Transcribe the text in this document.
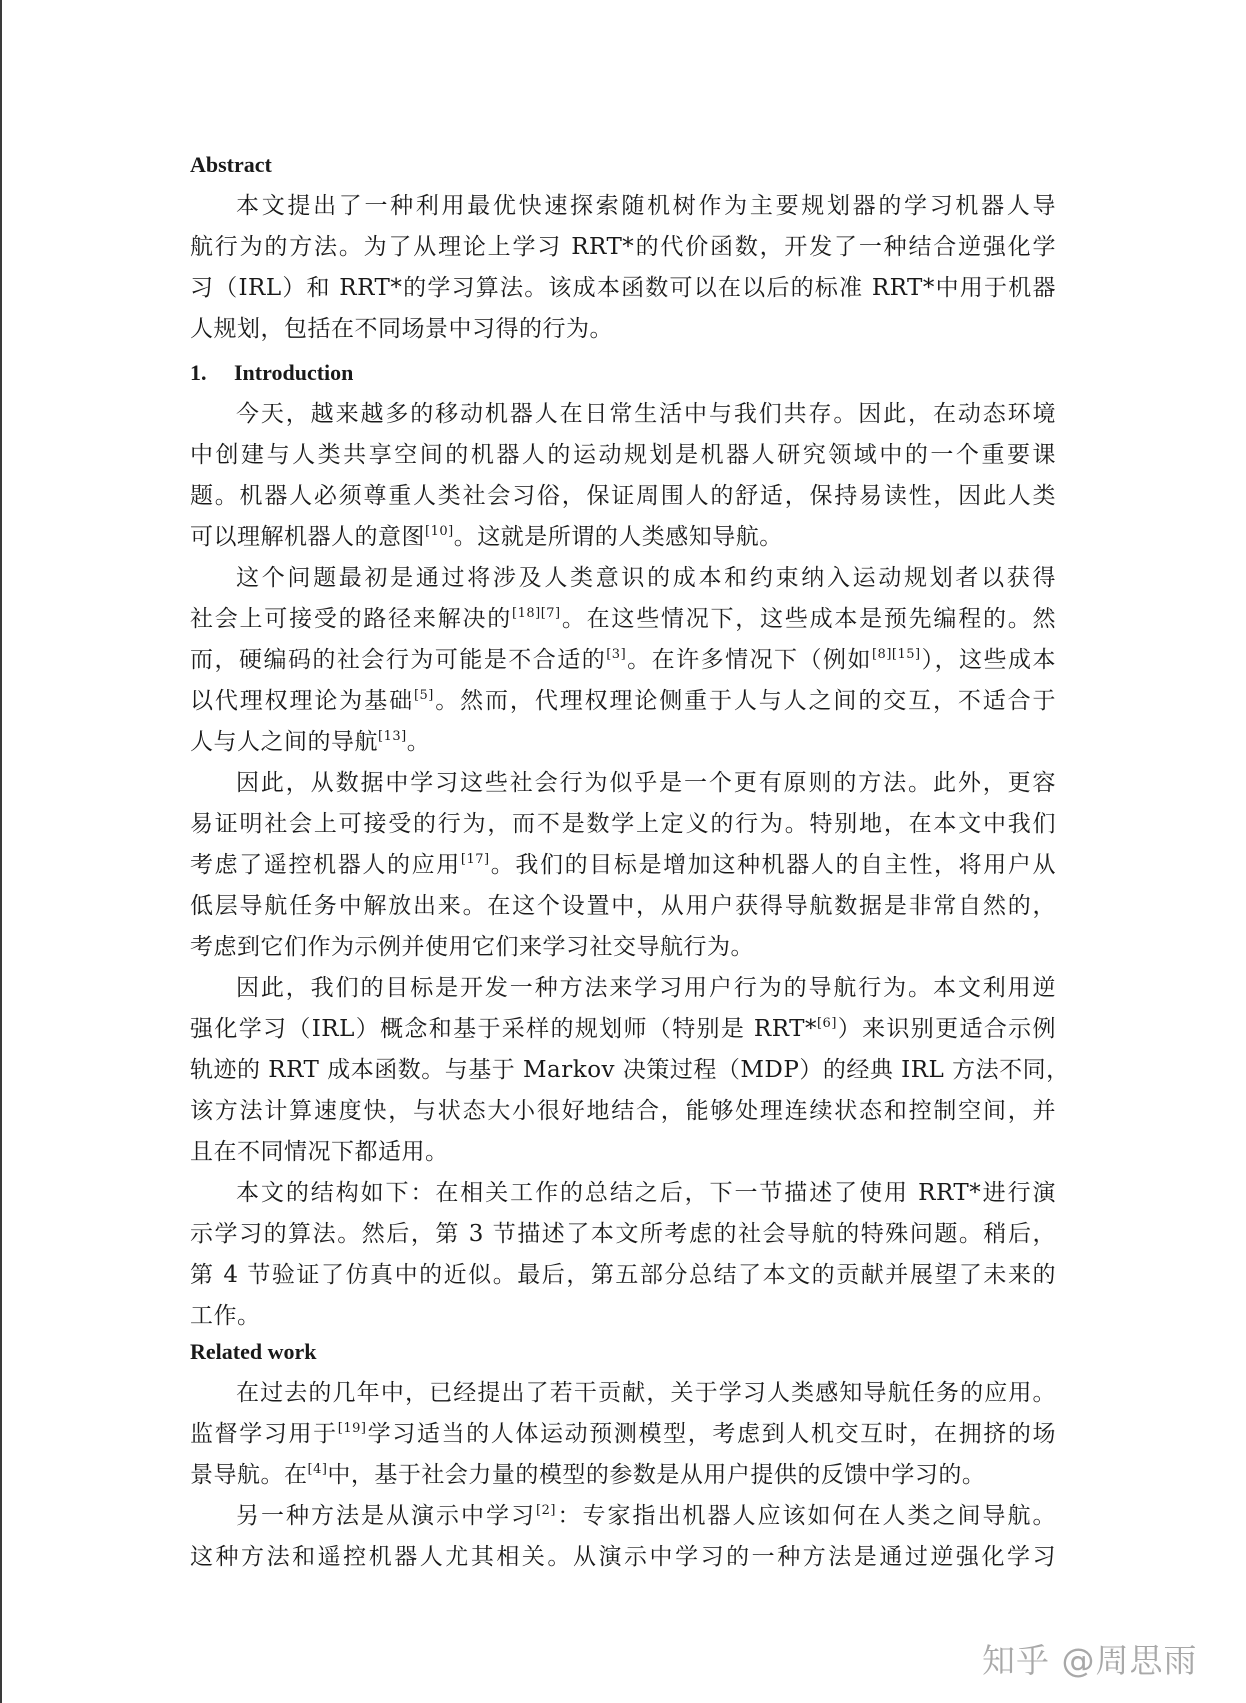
Abstract

本文提出了一种利用最优快速探索随机树作为主要规划器的学习机器人导
航行为的方法。为了从理论上学习 RRT*的代价函数，开发了一种结合逆强化学
习（IRL）和 RRT*的学习算法。该成本函数可以在以后的标准 RRT*中用于机器
人规划，包括在不同场景中习得的行为。

1. Introduction

今天，越来越多的移动机器人在日常生活中与我们共存。因此，在动态环境
中创建与人类共享空间的机器人的运动规划是机器人研究领域中的一个重要课
题。机器人必须尊重人类社会习俗，保证周围人的舒适，保持易读性，因此人类
可以理解机器人的意图[10]。这就是所谓的人类感知导航。

这个问题最初是通过将涉及人类意识的成本和约束纳入运动规划者以获得
社会上可接受的路径来解决的[18][7]。在这些情况下，这些成本是预先编程的。然
而，硬编码的社会行为可能是不合适的[3]。在许多情况下（例如[8][15]），这些成本
以代理权理论为基础[5]。然而，代理权理论侧重于人与人之间的交互，不适合于
人与人之间的导航[13]。

因此，从数据中学习这些社会行为似乎是一个更有原则的方法。此外，更容
易证明社会上可接受的行为，而不是数学上定义的行为。特别地，在本文中我们
考虑了遥控机器人的应用[17]。我们的目标是增加这种机器人的自主性，将用户从
低层导航任务中解放出来。在这个设置中，从用户获得导航数据是非常自然的，
考虑到它们作为示例并使用它们来学习社交导航行为。

因此，我们的目标是开发一种方法来学习用户行为的导航行为。本文利用逆
强化学习（IRL）概念和基于采样的规划师（特别是 RRT*[6]）来识别更适合示例
轨迹的 RRT 成本函数。与基于 Markov 决策过程（MDP）的经典 IRL 方法不同，
该方法计算速度快，与状态大小很好地结合，能够处理连续状态和控制空间，并
且在不同情况下都适用。

本文的结构如下：在相关工作的总结之后，下一节描述了使用 RRT*进行演
示学习的算法。然后，第 3 节描述了本文所考虑的社会导航的特殊问题。稍后，
第 4 节验证了仿真中的近似。最后，第五部分总结了本文的贡献并展望了未来的
工作。

Related work

在过去的几年中，已经提出了若干贡献，关于学习人类感知导航任务的应用。
监督学习用于[19]学习适当的人体运动预测模型，考虑到人机交互时，在拥挤的场
景导航。在[4]中，基于社会力量的模型的参数是从用户提供的反馈中学习的。

另一种方法是从演示中学习[2]：专家指出机器人应该如何在人类之间导航。
这种方法和遥控机器人尤其相关。从演示中学习的一种方法是通过逆强化学习

知乎 @周思雨
